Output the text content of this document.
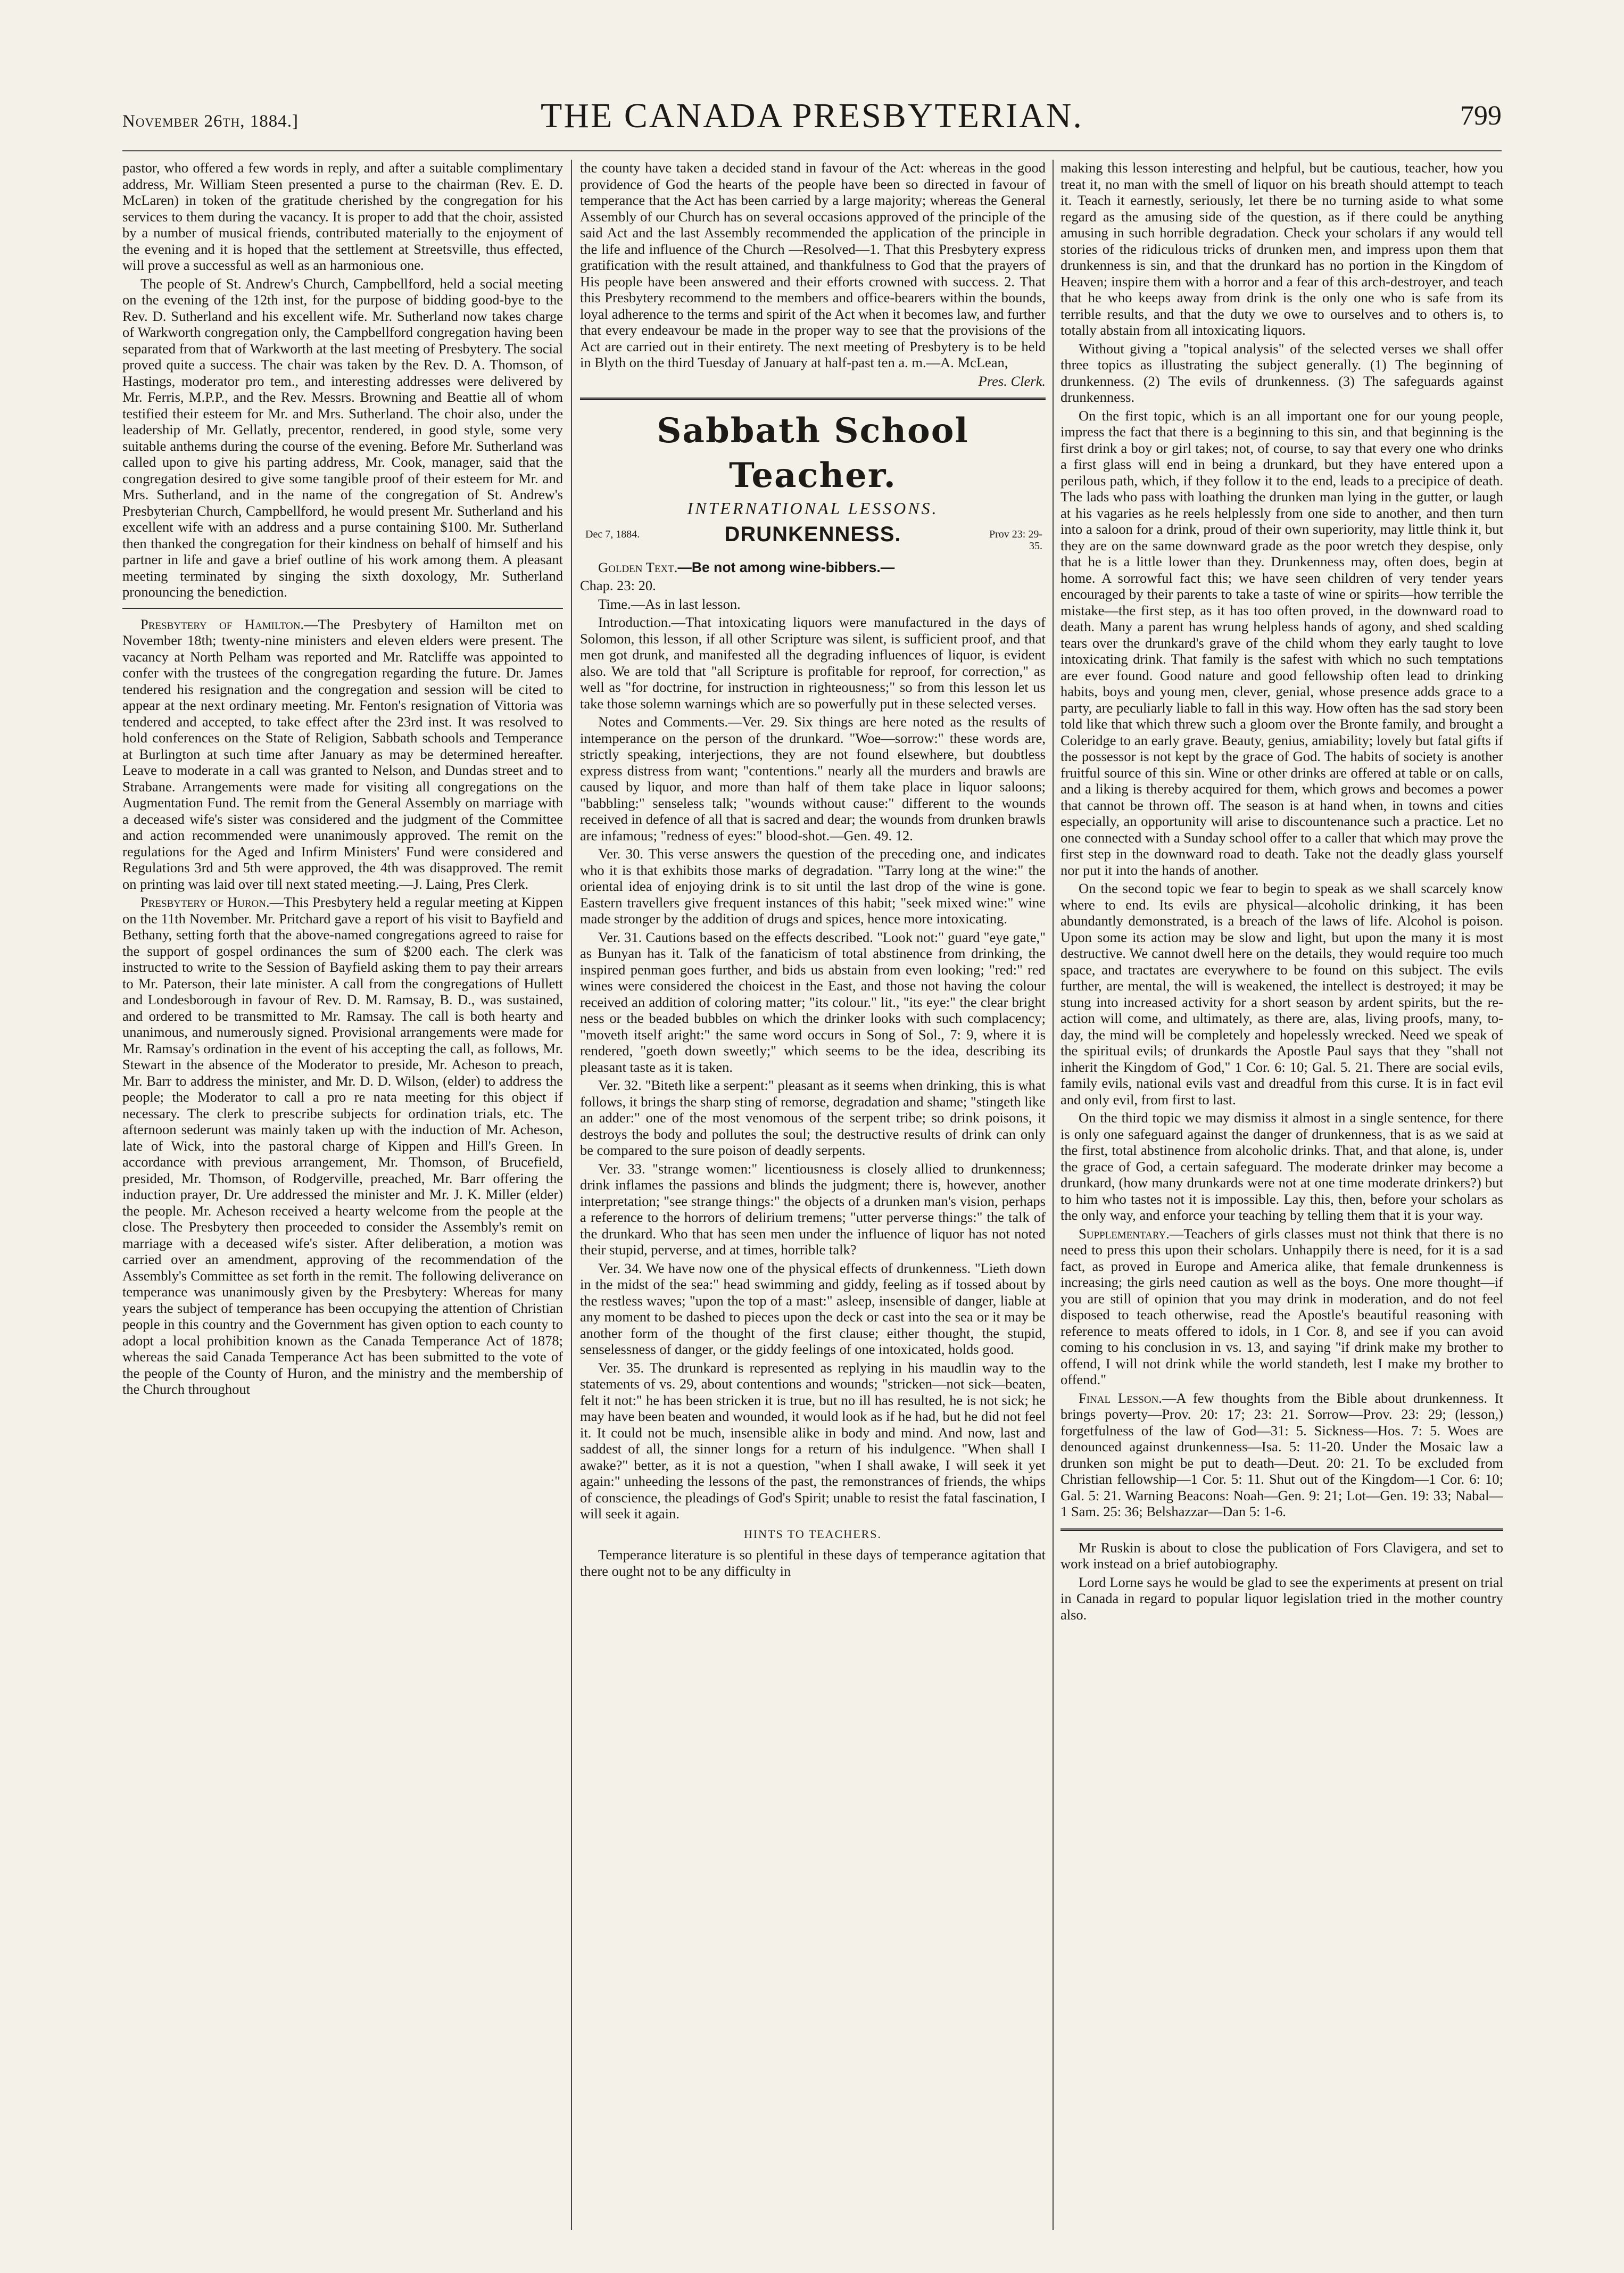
November 26th, 1884.]	THE CANADA PRESBYTERIAN.	799

pastor, who offered a few words in reply, and after a suitable complimentary address, Mr. William Steen presented a purse to the chairman (Rev. E. D. McLaren) in token of the gratitude cherished by the congregation for his services to them during the vacancy. It is proper to add that the choir, assisted by a number of musical friends, contributed materially to the enjoyment of the evening and it is hoped that the settlement at Streetsville, thus effected, will prove a successful as well as an harmonious one.

The people of St. Andrew's Church, Campbellford, held a social meeting on the evening of the 12th inst, for the purpose of bidding good-bye to the Rev. D. Sutherland and his excellent wife. Mr. Sutherland now takes charge of Warkworth congregation only, the Campbellford congregation having been separated from that of Warkworth at the last meeting of Presbytery. The social proved quite a success. The chair was taken by the Rev. D. A. Thomson, of Hastings, moderator pro tem., and interesting addresses were delivered by Mr. Ferris, M.P.P., and the Rev. Messrs. Browning and Beattie all of whom testified their esteem for Mr. and Mrs. Sutherland. The choir also, under the leadership of Mr. Gellatly, precentor, rendered, in good style, some very suitable anthems during the course of the evening. Before Mr. Sutherland was called upon to give his parting address, Mr. Cook, manager, said that the congregation desired to give some tangible proof of their esteem for Mr. and Mrs. Sutherland, and in the name of the congregation of St. Andrew's Presbyterian Church, Campbellford, he would present Mr. Sutherland and his excellent wife with an address and a purse containing $100. Mr. Sutherland then thanked the congregation for their kindness on behalf of himself and his partner in life and gave a brief outline of his work among them. A pleasant meeting terminated by singing the sixth doxology, Mr. Sutherland pronouncing the benediction.

Presbytery of Hamilton.—The Presbytery of Hamilton met on November 18th; twenty-nine ministers and eleven elders were present. The vacancy at North Pelham was reported and Mr. Ratcliffe was appointed to confer with the trustees of the congregation regarding the future. Dr. James tendered his resignation and the congregation and session will be cited to appear at the next ordinary meeting. Mr. Fenton's resignation of Vittoria was tendered and accepted, to take effect after the 23rd inst. It was resolved to hold conferences on the State of Religion, Sabbath schools and Temperance at Burlington at such time after January as may be determined hereafter. Leave to moderate in a call was granted to Nelson, and Dundas street and to Strabane. Arrangements were made for visiting all congregations on the Augmentation Fund. The remit from the General Assembly on marriage with a deceased wife's sister was considered and the judgment of the Committee and action recommended were unanimously approved. The remit on the regulations for the Aged and Infirm Ministers' Fund were considered and Regulations 3rd and 5th were approved, the 4th was disapproved. The remit on printing was laid over till next stated meeting.—J. Laing, Pres Clerk.

Presbytery of Huron.—This Presbytery held a regular meeting at Kippen on the 11th November. Mr. Pritchard gave a report of his visit to Bayfield and Bethany, setting forth that the above-named congregations agreed to raise for the support of gospel ordinances the sum of $200 each. The clerk was instructed to write to the Session of Bayfield asking them to pay their arrears to Mr. Paterson, their late minister. A call from the congregations of Hullett and Londesborough in favour of Rev. D. M. Ramsay, B. D., was sustained, and ordered to be transmitted to Mr. Ramsay. The call is both hearty and unanimous, and numerously signed. Provisional arrangements were made for Mr. Ramsay's ordination in the event of his accepting the call, as follows, Mr. Stewart in the absence of the Moderator to preside, Mr. Acheson to preach, Mr. Barr to address the minister, and Mr. D. D. Wilson, (elder) to address the people; the Moderator to call a pro re nata meeting for this object if necessary. The clerk to prescribe subjects for ordination trials, etc. The afternoon sederunt was mainly taken up with the induction of Mr. Acheson, late of Wick, into the pastoral charge of Kippen and Hill's Green. In accordance with previous arrangement, Mr. Thomson, of Brucefield, presided, Mr. Thomson, of Rodgerville, preached, Mr. Barr offering the induction prayer, Dr. Ure addressed the minister and Mr. J. K. Miller (elder) the people. Mr. Acheson received a hearty welcome from the people at the close. The Presbytery then proceeded to consider the Assembly's remit on marriage with a deceased wife's sister. After deliberation, a motion was carried over an amendment, approving of the recommendation of the Assembly's Committee as set forth in the remit. The following deliverance on temperance was unanimously given by the Presbytery: Whereas for many years the subject of temperance has been occupying the attention of Christian people in this country and the Government has given option to each county to adopt a local prohibition known as the Canada Temperance Act of 1878; whereas the said Canada Temperance Act has been submitted to the vote of the people of the County of Huron, and the ministry and the membership of the Church throughout

the county have taken a decided stand in favour of the Act: whereas in the good providence of God the hearts of the people have been so directed in favour of temperance that the Act has been carried by a large majority; whereas the General Assembly of our Church has on several occasions approved of the principle of the said Act and the last Assembly recommended the application of the principle in the life and influence of the Church —Resolved—1. That this Presbytery express gratification with the result attained, and thankfulness to God that the prayers of His people have been answered and their efforts crowned with success. 2. That this Presbytery recommend to the members and office-bearers within the bounds, loyal adherence to the terms and spirit of the Act when it becomes law, and further that every endeavour be made in the proper way to see that the provisions of the Act are carried out in their entirety. The next meeting of Presbytery is to be held in Blyth on the third Tuesday of January at half-past ten a. m.—A. McLean,

Pres. Clerk.

Sabbath School Teacher.
INTERNATIONAL LESSONS.
Dec 7, 1884.	DRUNKENNESS.	Prov 23: 29-35.

Golden Text.—Be not among wine-bibbers.—

Chap. 23: 20.

Time.—As in last lesson.

Introduction.—That intoxicating liquors were manufactured in the days of Solomon, this lesson, if all other Scripture was silent, is sufficient proof, and that men got drunk, and manifested all the degrading influences of liquor, is evident also. We are told that "all Scripture is profitable for reproof, for correction," as well as "for doctrine, for instruction in righteousness;" so from this lesson let us take those solemn warnings which are so powerfully put in these selected verses.

Notes and Comments.—Ver. 29. Six things are here noted as the results of intemperance on the person of the drunkard. "Woe—sorrow:" these words are, strictly speaking, interjections, they are not found elsewhere, but doubtless express distress from want; "contentions." nearly all the murders and brawls are caused by liquor, and more than half of them take place in liquor saloons; "babbling:" senseless talk; "wounds without cause:" different to the wounds received in defence of all that is sacred and dear; the wounds from drunken brawls are infamous; "redness of eyes:" blood-shot.—Gen. 49. 12.

Ver. 30. This verse answers the question of the preceding one, and indicates who it is that exhibits those marks of degradation. "Tarry long at the wine:" the oriental idea of enjoying drink is to sit until the last drop of the wine is gone. Eastern travellers give frequent instances of this habit; "seek mixed wine:" wine made stronger by the addition of drugs and spices, hence more intoxicating.

Ver. 31. Cautions based on the effects described. "Look not:" guard "eye gate," as Bunyan has it. Talk of the fanaticism of total abstinence from drinking, the inspired penman goes further, and bids us abstain from even looking; "red:" red wines were considered the choicest in the East, and those not having the colour received an addition of coloring matter; "its colour." lit., "its eye:" the clear bright ness or the beaded bubbles on which the drinker looks with such complacency; "moveth itself aright:" the same word occurs in Song of Sol., 7: 9, where it is rendered, "goeth down sweetly;" which seems to be the idea, describing its pleasant taste as it is taken.

Ver. 32. "Biteth like a serpent:" pleasant as it seems when drinking, this is what follows, it brings the sharp sting of remorse, degradation and shame; "stingeth like an adder:" one of the most venomous of the serpent tribe; so drink poisons, it destroys the body and pollutes the soul; the destructive results of drink can only be compared to the sure poison of deadly serpents.

Ver. 33. "strange women:" licentiousness is closely allied to drunkenness; drink inflames the passions and blinds the judgment; there is, however, another interpretation; "see strange things:" the objects of a drunken man's vision, perhaps a reference to the horrors of delirium tremens; "utter perverse things:" the talk of the drunkard. Who that has seen men under the influence of liquor has not noted their stupid, perverse, and at times, horrible talk?

Ver. 34. We have now one of the physical effects of drunkenness. "Lieth down in the midst of the sea:" head swimming and giddy, feeling as if tossed about by the restless waves; "upon the top of a mast:" asleep, insensible of danger, liable at any moment to be dashed to pieces upon the deck or cast into the sea or it may be another form of the thought of the first clause; either thought, the stupid, senselessness of danger, or the giddy feelings of one intoxicated, holds good.

Ver. 35. The drunkard is represented as replying in his maudlin way to the statements of vs. 29, about contentions and wounds; "stricken—not sick—beaten, felt it not:" he has been stricken it is true, but no ill has resulted, he is not sick; he may have been beaten and wounded, it would look as if he had, but he did not feel it. It could not be much, insensible alike in body and mind. And now, last and saddest of all, the sinner longs for a return of his indulgence. "When shall I awake?" better, as it is not a question, "when I shall awake, I will seek it yet again:" unheeding the lessons of the past, the remonstrances of friends, the whips of conscience, the pleadings of God's Spirit; unable to resist the fatal fascination, I will seek it again.

HINTS TO TEACHERS.

Temperance literature is so plentiful in these days of temperance agitation that there ought not to be any difficulty in

making this lesson interesting and helpful, but be cautious, teacher, how you treat it, no man with the smell of liquor on his breath should attempt to teach it. Teach it earnestly, seriously, let there be no turning aside to what some regard as the amusing side of the question, as if there could be anything amusing in such horrible degradation. Check your scholars if any would tell stories of the ridiculous tricks of drunken men, and impress upon them that drunkenness is sin, and that the drunkard has no portion in the Kingdom of Heaven; inspire them with a horror and a fear of this arch-destroyer, and teach that he who keeps away from drink is the only one who is safe from its terrible results, and that the duty we owe to ourselves and to others is, to totally abstain from all intoxicating liquors.

Without giving a "topical analysis" of the selected verses we shall offer three topics as illustrating the subject generally. (1) The beginning of drunkenness. (2) The evils of drunkenness. (3) The safeguards against drunkenness.

On the first topic, which is an all important one for our young people, impress the fact that there is a beginning to this sin, and that beginning is the first drink a boy or girl takes; not, of course, to say that every one who drinks a first glass will end in being a drunkard, but they have entered upon a perilous path, which, if they follow it to the end, leads to a precipice of death. The lads who pass with loathing the drunken man lying in the gutter, or laugh at his vagaries as he reels helplessly from one side to another, and then turn into a saloon for a drink, proud of their own superiority, may little think it, but they are on the same downward grade as the poor wretch they despise, only that he is a little lower than they. Drunkenness may, often does, begin at home. A sorrowful fact this; we have seen children of very tender years encouraged by their parents to take a taste of wine or spirits—how terrible the mistake—the first step, as it has too often proved, in the downward road to death. Many a parent has wrung helpless hands of agony, and shed scalding tears over the drunkard's grave of the child whom they early taught to love intoxicating drink. That family is the safest with which no such temptations are ever found. Good nature and good fellowship often lead to drinking habits, boys and young men, clever, genial, whose presence adds grace to a party, are peculiarly liable to fall in this way. How often has the sad story been told like that which threw such a gloom over the Bronte family, and brought a Coleridge to an early grave. Beauty, genius, amiability; lovely but fatal gifts if the possessor is not kept by the grace of God. The habits of society is another fruitful source of this sin. Wine or other drinks are offered at table or on calls, and a liking is thereby acquired for them, which grows and becomes a power that cannot be thrown off. The season is at hand when, in towns and cities especially, an opportunity will arise to discountenance such a practice. Let no one connected with a Sunday school offer to a caller that which may prove the first step in the downward road to death. Take not the deadly glass yourself nor put it into the hands of another.

On the second topic we fear to begin to speak as we shall scarcely know where to end. Its evils are physical—alcoholic drinking, it has been abundantly demonstrated, is a breach of the laws of life. Alcohol is poison. Upon some its action may be slow and light, but upon the many it is most destructive. We cannot dwell here on the details, they would require too much space, and tractates are everywhere to be found on this subject. The evils further, are mental, the will is weakened, the intellect is destroyed; it may be stung into increased activity for a short season by ardent spirits, but the re-action will come, and ultimately, as there are, alas, living proofs, many, to-day, the mind will be completely and hopelessly wrecked. Need we speak of the spiritual evils; of drunkards the Apostle Paul says that they "shall not inherit the Kingdom of God," 1 Cor. 6: 10; Gal. 5. 21. There are social evils, family evils, national evils vast and dreadful from this curse. It is in fact evil and only evil, from first to last.

On the third topic we may dismiss it almost in a single sentence, for there is only one safeguard against the danger of drunkenness, that is as we said at the first, total abstinence from alcoholic drinks. That, and that alone, is, under the grace of God, a certain safeguard. The moderate drinker may become a drunkard, (how many drunkards were not at one time moderate drinkers?) but to him who tastes not it is impossible. Lay this, then, before your scholars as the only way, and enforce your teaching by telling them that it is your way.

Supplementary.—Teachers of girls classes must not think that there is no need to press this upon their scholars. Unhappily there is need, for it is a sad fact, as proved in Europe and America alike, that female drunkenness is increasing; the girls need caution as well as the boys. One more thought—if you are still of opinion that you may drink in moderation, and do not feel disposed to teach otherwise, read the Apostle's beautiful reasoning with reference to meats offered to idols, in 1 Cor. 8, and see if you can avoid coming to his conclusion in vs. 13, and saying "if drink make my brother to offend, I will not drink while the world standeth, lest I make my brother to offend."

Final Lesson.—A few thoughts from the Bible about drunkenness. It brings poverty—Prov. 20: 17; 23: 21. Sorrow—Prov. 23: 29; (lesson,) forgetfulness of the law of God—31: 5. Sickness—Hos. 7: 5. Woes are denounced against drunkenness—Isa. 5: 11-20. Under the Mosaic law a drunken son might be put to death—Deut. 20: 21. To be excluded from Christian fellowship—1 Cor. 5: 11. Shut out of the Kingdom—1 Cor. 6: 10; Gal. 5: 21. Warning Beacons: Noah—Gen. 9: 21; Lot—Gen. 19: 33; Nabal—1 Sam. 25: 36; Belshazzar—Dan 5: 1-6.

Mr Ruskin is about to close the publication of Fors Clavigera, and set to work instead on a brief autobiography.

Lord Lorne says he would be glad to see the experiments at present on trial in Canada in regard to popular liquor legislation tried in the mother country also.
